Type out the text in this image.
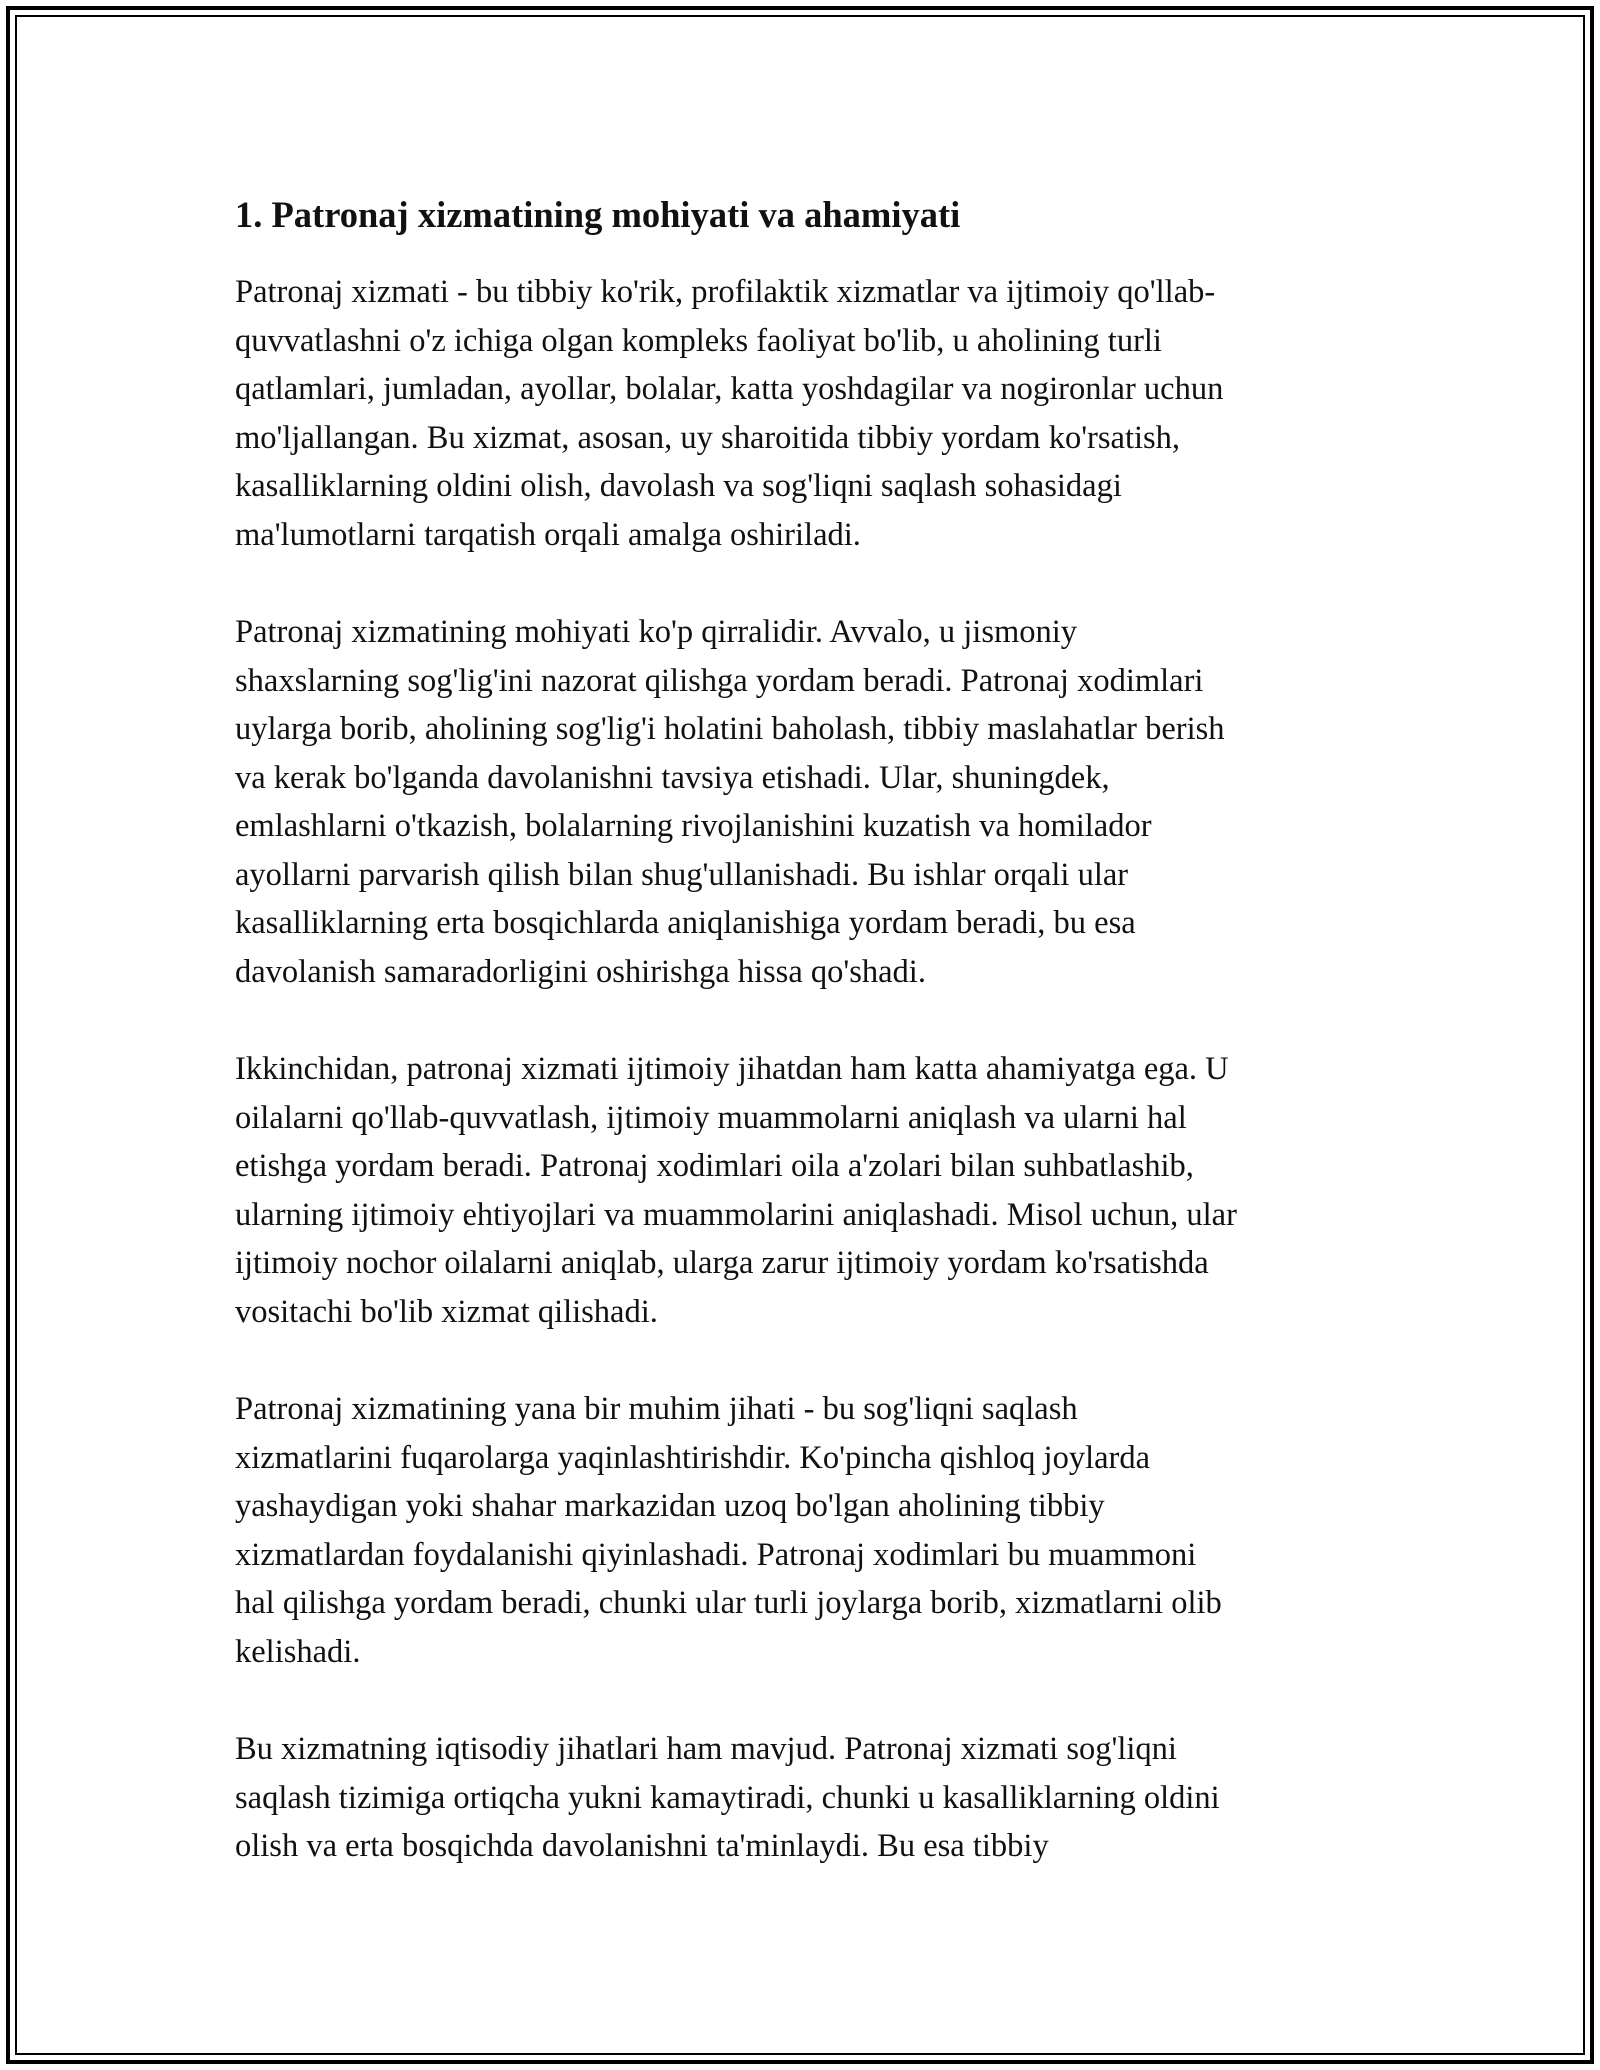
1. Patronaj xizmatining mohiyati va ahamiyati

Patronaj xizmati - bu tibbiy ko'rik, profilaktik xizmatlar va ijtimoiy qo'llab-
quvvatlashni o'z ichiga olgan kompleks faoliyat bo'lib, u aholining turli
qatlamlari, jumladan, ayollar, bolalar, katta yoshdagilar va nogironlar uchun
mo'ljallangan. Bu xizmat, asosan, uy sharoitida tibbiy yordam ko'rsatish,
kasalliklarning oldini olish, davolash va sog'liqni saqlash sohasidagi
ma'lumotlarni tarqatish orqali amalga oshiriladi.

Patronaj xizmatining mohiyati ko'p qirralidir. Avvalo, u jismoniy
shaxslarning sog'lig'ini nazorat qilishga yordam beradi. Patronaj xodimlari
uylarga borib, aholining sog'lig'i holatini baholash, tibbiy maslahatlar berish
va kerak bo'lganda davolanishni tavsiya etishadi. Ular, shuningdek,
emlashlarni o'tkazish, bolalarning rivojlanishini kuzatish va homilador
ayollarni parvarish qilish bilan shug'ullanishadi. Bu ishlar orqali ular
kasalliklarning erta bosqichlarda aniqlanishiga yordam beradi, bu esa
davolanish samaradorligini oshirishga hissa qo'shadi.

Ikkinchidan, patronaj xizmati ijtimoiy jihatdan ham katta ahamiyatga ega. U
oilalarni qo'llab-quvvatlash, ijtimoiy muammolarni aniqlash va ularni hal
etishga yordam beradi. Patronaj xodimlari oila a'zolari bilan suhbatlashib,
ularning ijtimoiy ehtiyojlari va muammolarini aniqlashadi. Misol uchun, ular
ijtimoiy nochor oilalarni aniqlab, ularga zarur ijtimoiy yordam ko'rsatishda
vositachi bo'lib xizmat qilishadi.

Patronaj xizmatining yana bir muhim jihati - bu sog'liqni saqlash
xizmatlarini fuqarolarga yaqinlashtirishdir. Ko'pincha qishloq joylarda
yashaydigan yoki shahar markazidan uzoq bo'lgan aholining tibbiy
xizmatlardan foydalanishi qiyinlashadi. Patronaj xodimlari bu muammoni
hal qilishga yordam beradi, chunki ular turli joylarga borib, xizmatlarni olib
kelishadi.

Bu xizmatning iqtisodiy jihatlari ham mavjud. Patronaj xizmati sog'liqni
saqlash tizimiga ortiqcha yukni kamaytiradi, chunki u kasalliklarning oldini
olish va erta bosqichda davolanishni ta'minlaydi. Bu esa tibbiy
